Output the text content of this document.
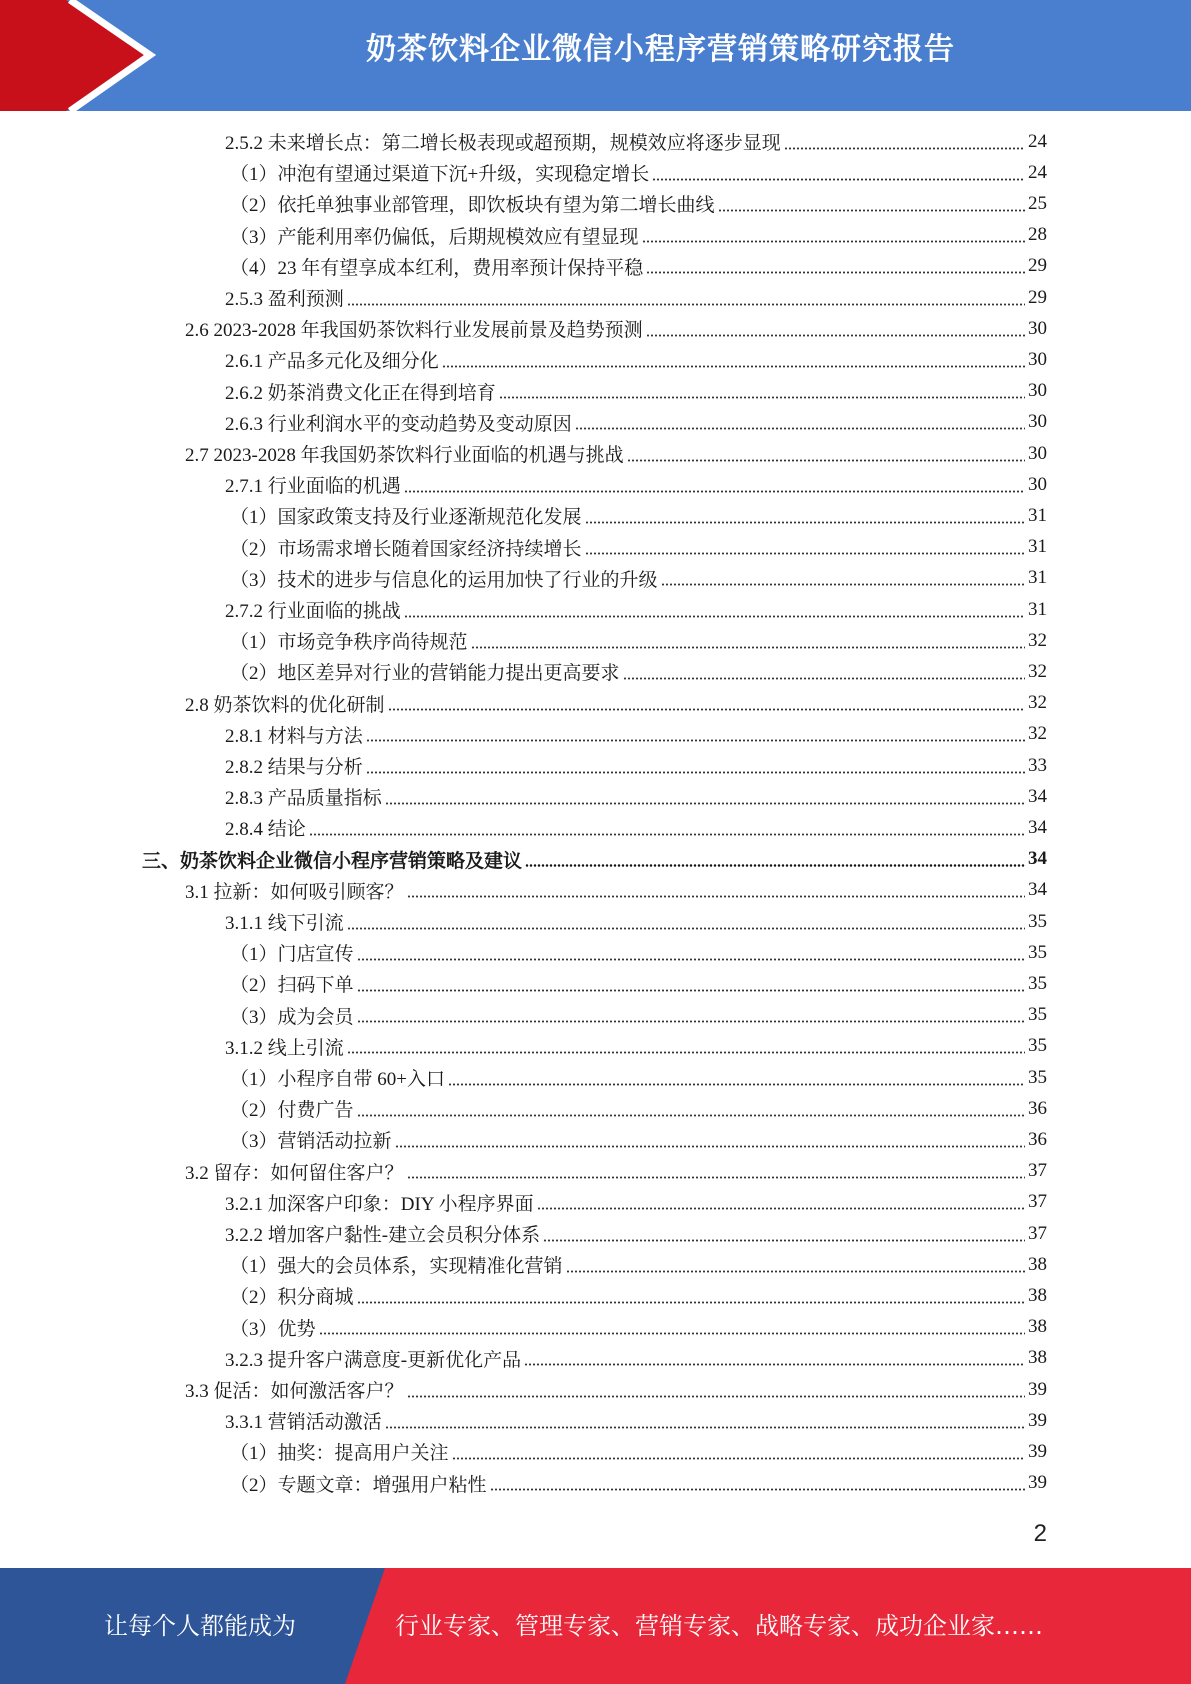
奶茶饮料企业微信小程序营销策略研究报告
2.5.2 未来增长点：第二增长极表现或超预期，规模效应将逐步显现	24
（1）冲泡有望通过渠道下沉+升级，实现稳定增长	24
（2）依托单独事业部管理，即饮板块有望为第二增长曲线	25
（3）产能利用率仍偏低，后期规模效应有望显现	28
（4）23 年有望享成本红利，费用率预计保持平稳	29
2.5.3 盈利预测	29
2.6 2023-2028 年我国奶茶饮料行业发展前景及趋势预测	30
2.6.1 产品多元化及细分化	30
2.6.2 奶茶消费文化正在得到培育	30
2.6.3 行业利润水平的变动趋势及变动原因	30
2.7 2023-2028 年我国奶茶饮料行业面临的机遇与挑战	30
2.7.1 行业面临的机遇	30
（1）国家政策支持及行业逐渐规范化发展	31
（2）市场需求增长随着国家经济持续增长	31
（3）技术的进步与信息化的运用加快了行业的升级	31
2.7.2 行业面临的挑战	31
（1）市场竞争秩序尚待规范	32
（2）地区差异对行业的营销能力提出更高要求	32
2.8 奶茶饮料的优化研制	32
2.8.1 材料与方法	32
2.8.2 结果与分析	33
2.8.3 产品质量指标	34
2.8.4 结论	34
三、奶茶饮料企业微信小程序营销策略及建议	34
3.1 拉新：如何吸引顾客？	34
3.1.1 线下引流	35
（1）门店宣传	35
（2）扫码下单	35
（3）成为会员	35
3.1.2 线上引流	35
（1）小程序自带 60+入口	35
（2）付费广告	36
（3）营销活动拉新	36
3.2 留存：如何留住客户？	37
3.2.1 加深客户印象：DIY 小程序界面	37
3.2.2 增加客户黏性-建立会员积分体系	37
（1）强大的会员体系，实现精准化营销	38
（2）积分商城	38
（3）优势	38
3.2.3 提升客户满意度-更新优化产品	38
3.3 促活：如何激活客户？	39
3.3.1 营销活动激活	39
（1）抽奖：提高用户关注	39
（2）专题文章：增强用户粘性	39
2
让每个人都能成为	行业专家、管理专家、营销专家、战略专家、成功企业家……
